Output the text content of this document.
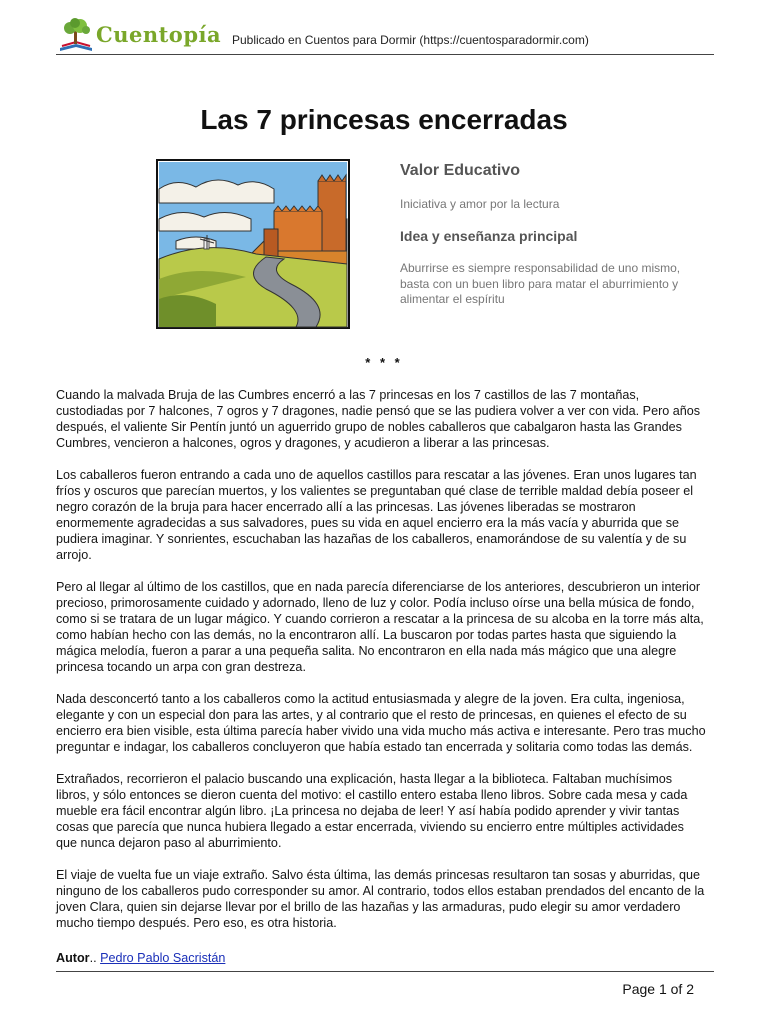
Cuentopía Publicado en Cuentos para Dormir (https://cuentosparadormir.com)
Las 7 princesas encerradas
Valor Educativo
Iniciativa y amor por la lectura
Idea y enseñanza principal
Aburrirse es siempre responsabilidad de uno mismo, basta con un buen libro para matar el aburrimiento y alimentar el espíritu
* * *

Cuando la malvada Bruja de las Cumbres encerró a las 7 princesas en los 7 castillos de las 7 montañas, custodiadas por 7 halcones, 7 ogros y 7 dragones, nadie pensó que se las pudiera volver a ver con vida. Pero años después, el valiente Sir Pentín juntó un aguerrido grupo de nobles caballeros que cabalgaron hasta las Grandes Cumbres, vencieron a halcones, ogros y dragones, y acudieron a liberar a las princesas.

Los caballeros fueron entrando a cada uno de aquellos castillos para rescatar a las jóvenes. Eran unos lugares tan fríos y oscuros que parecían muertos, y los valientes se preguntaban qué clase de terrible maldad debía poseer el negro corazón de la bruja para hacer encerrado allí a las princesas. Las jóvenes liberadas se mostraron enormemente agradecidas a sus salvadores, pues su vida en aquel encierro era la más vacía y aburrida que se pudiera imaginar. Y sonrientes, escuchaban las hazañas de los caballeros, enamorándose de su valentía y de su arrojo.

Pero al llegar al último de los castillos, que en nada parecía diferenciarse de los anteriores, descubrieron un interior precioso, primorosamente cuidado y adornado, lleno de luz y color. Podía incluso oírse una bella música de fondo, como si se tratara de un lugar mágico. Y cuando corrieron a rescatar a la princesa de su alcoba en la torre más alta, como habían hecho con las demás, no la encontraron allí. La buscaron por todas partes hasta que siguiendo la mágica melodía, fueron a parar a una pequeña salita. No encontraron en ella nada más mágico que una alegre princesa tocando un arpa con gran destreza.

Nada desconcertó tanto a los caballeros como la actitud entusiasmada y alegre de la joven. Era culta, ingeniosa, elegante y con un especial don para las artes, y al contrario que el resto de princesas, en quienes el efecto de su encierro era bien visible, esta última parecía haber vivido una vida mucho más activa e interesante. Pero tras mucho preguntar e indagar, los caballeros concluyeron que había estado tan encerrada y solitaria como todas las demás.

Extrañados, recorrieron el palacio buscando una explicación, hasta llegar a la biblioteca. Faltaban muchísimos libros, y sólo entonces se dieron cuenta del motivo: el castillo entero estaba lleno libros. Sobre cada mesa y cada mueble era fácil encontrar algún libro. ¡La princesa no dejaba de leer! Y así había podido aprender y vivir tantas cosas que parecía que nunca hubiera llegado a estar encerrada, viviendo su encierro entre múltiples actividades que nunca dejaron paso al aburrimiento.

El viaje de vuelta fue un viaje extraño. Salvo ésta última, las demás princesas resultaron tan sosas y aburridas, que ninguno de los caballeros pudo corresponder su amor. Al contrario, todos ellos estaban prendados del encanto de la joven Clara, quien sin dejarse llevar por el brillo de las hazañas y las armaduras, pudo elegir su amor verdadero mucho tiempo después. Pero eso, es otra historia.

Autor.. Pedro Pablo Sacristán
Page 1 of 2
